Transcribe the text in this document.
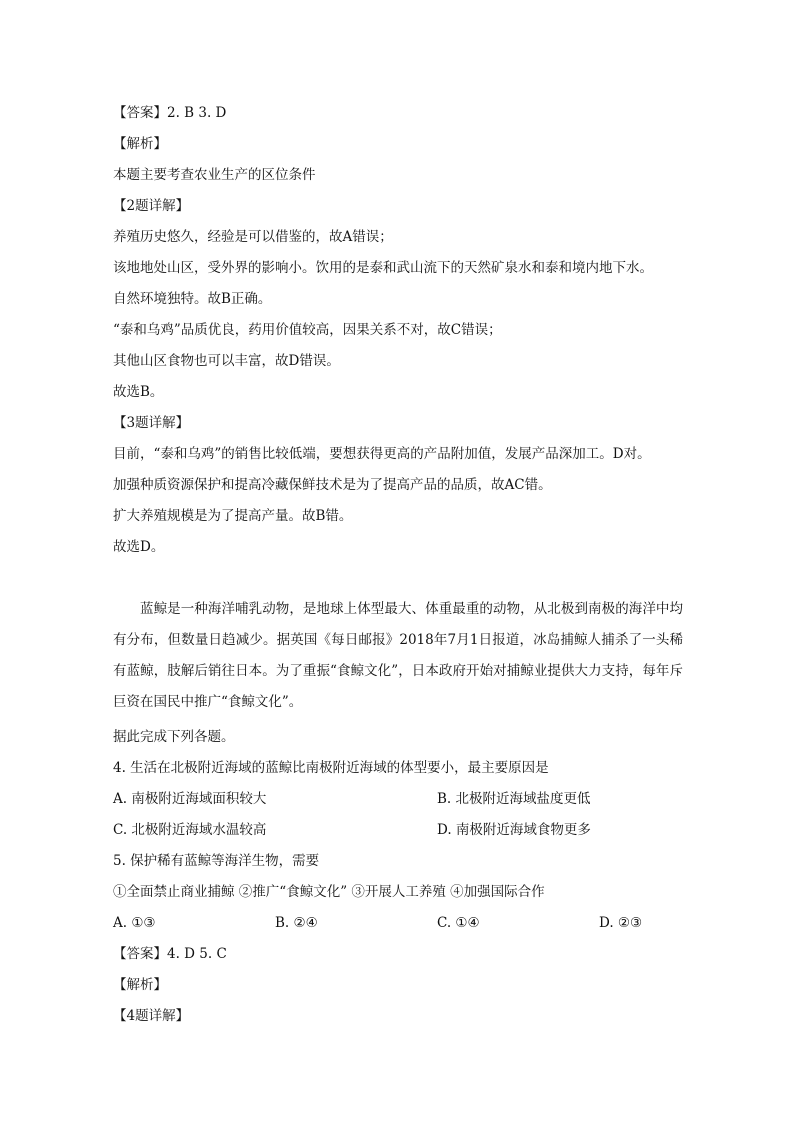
【答案】2. B 3. D
【解析】
本题主要考查农业生产的区位条件
【2题详解】
养殖历史悠久，经验是可以借鉴的，故A错误；
该地地处山区，受外界的影响小。饮用的是泰和武山流下的天然矿泉水和泰和境内地下水。
自然环境独特。故B正确。
“泰和乌鸡”品质优良，药用价值较高，因果关系不对，故C错误；
其他山区食物也可以丰富，故D错误。
故选B。
【3题详解】
目前，“泰和乌鸡”的销售比较低端，要想获得更高的产品附加值，发展产品深加工。D对。
加强种质资源保护和提高冷藏保鲜技术是为了提高产品的品质，故AC错。
扩大养殖规模是为了提高产量。故B错。
故选D。
蓝鲸是一种海洋哺乳动物，是地球上体型最大、体重最重的动物，从北极到南极的海洋中均有分布，但数量日趋减少。据英国《每日邮报》2018年7月1日报道，冰岛捕鲸人捕杀了一头稀有蓝鲸，肢解后销往日本。为了重振“食鲸文化”，日本政府开始对捕鲸业提供大力支持，每年斥巨资在国民中推广“食鲸文化”。
据此完成下列各题。
4. 生活在北极附近海域的蓝鲸比南极附近海域的体型要小，最主要原因是
A. 南极附近海域面积较大	B. 北极附近海域盐度更低
C. 北极附近海域水温较高	D. 南极附近海域食物更多
5. 保护稀有蓝鲸等海洋生物，需要
①全面禁止商业捕鲸 ②推广“食鲸文化” ③开展人工养殖 ④加强国际合作
A. ①③	B. ②④	C. ①④	D. ②③
【答案】4. D 5. C
【解析】
【4题详解】
